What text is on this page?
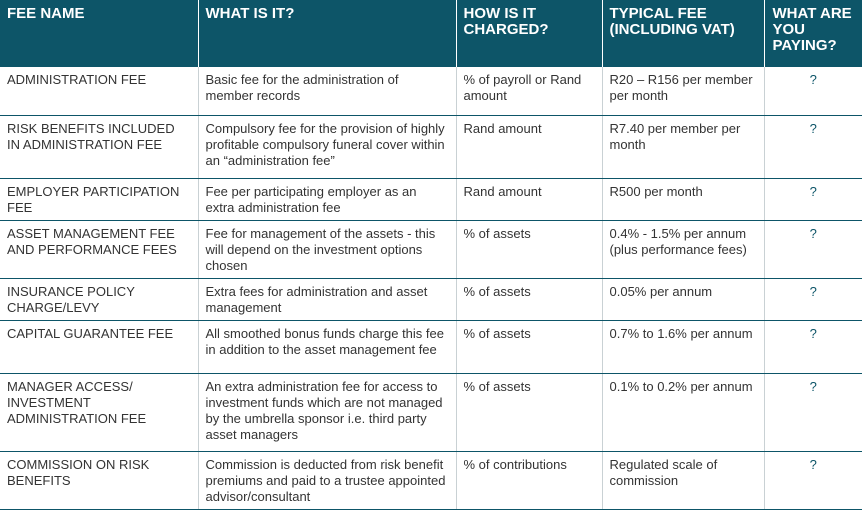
FEE NAME	WHAT IS IT?	HOW IS IT CHARGED?	TYPICAL FEE (INCLUDING VAT)	WHAT ARE YOU PAYING?
ADMINISTRATION FEE	Basic fee for the administration of member records	% of payroll or Rand amount	R20 – R156 per member per month	?
RISK BENEFITS INCLUDED IN ADMINISTRATION FEE	Compulsory fee for the provision of highly profitable compulsory funeral cover within an “administration fee”	Rand amount	R7.40 per member per month	?
EMPLOYER PARTICIPATION FEE	Fee per participating employer as an extra administration fee	Rand amount	R500 per month	?
ASSET MANAGEMENT FEE AND PERFORMANCE FEES	Fee for management of the assets - this will depend on the investment options chosen	% of assets	0.4% - 1.5% per annum (plus performance fees)	?
INSURANCE POLICY CHARGE/LEVY	Extra fees for administration and asset management	% of assets	0.05% per annum	?
CAPITAL GUARANTEE FEE	All smoothed bonus funds charge this fee in addition to the asset management fee	% of assets	0.7% to 1.6% per annum	?
MANAGER ACCESS/ INVESTMENT ADMINISTRATION FEE	An extra administration fee for access to investment funds which are not managed by the umbrella sponsor i.e. third party asset managers	% of assets	0.1% to 0.2% per annum	?
COMMISSION ON RISK BENEFITS	Commission is deducted from risk benefit premiums and paid to a trustee appointed advisor/consultant	% of contributions	Regulated scale of commission	?
